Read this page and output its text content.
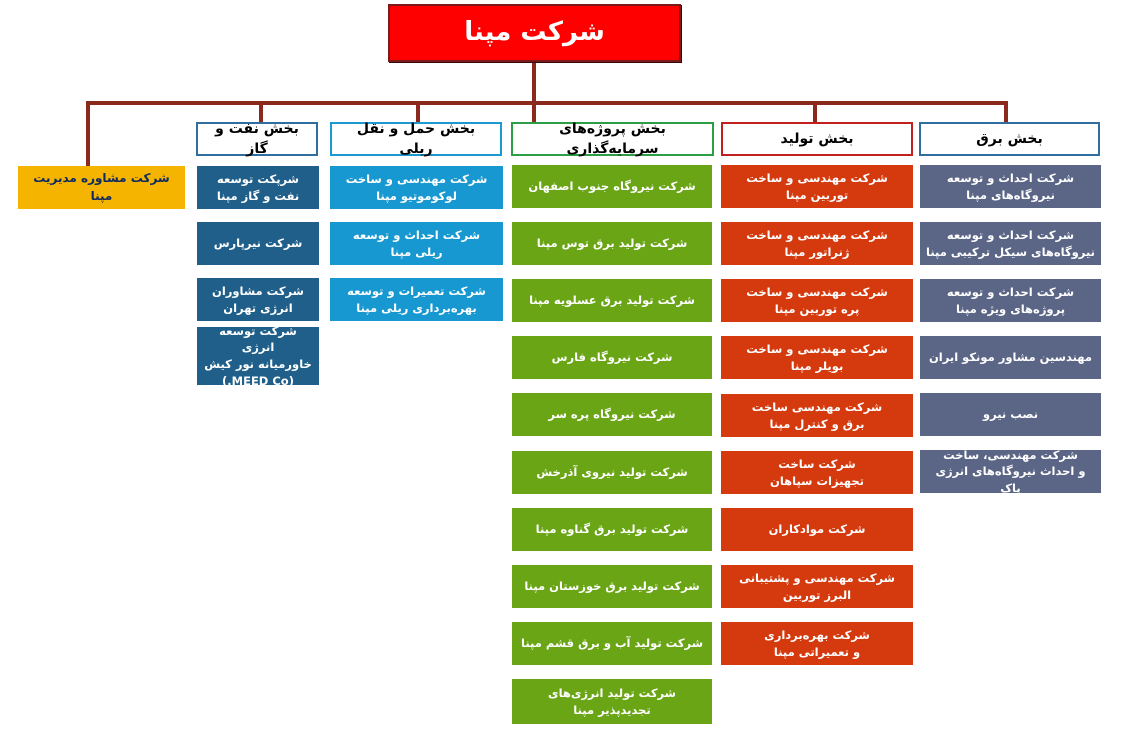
شرکت مپنا
شرکت مشاوره مدیریت مپنا
بخش نفت و گاز
بخش حمل و نقل ریلی
بخش پروژه‌های سرمایه‌گذاری
بخش تولید	بخش برق
شرپکت توسعه
نفت و گاز مپنا
شرکت نیرپارس
شرکت مشاوران
انرژی تهران
شرکت توسعه انرژی
خاورمیانه نور کیش
(MEED Co.)
شرکت مهندسی و ساخت
لوکوموتیو مپنا
شرکت احداث و توسعه
ریلی مپنا
شرکت تعمیرات و توسعه
بهره‌برداری ریلی مپنا
شرکت نیروگاه جنوب اصفهان
شرکت تولید برق توس مپنا
شرکت تولید برق عسلویه مپنا
شرکت نیروگاه فارس
شرکت نیروگاه پره سر
شرکت تولید نیروی آذرخش
شرکت تولید برق گناوه مپنا
شرکت تولید برق خوزستان مپنا
شرکت تولید آب و برق قشم مپنا
شرکت تولید انرژی‌های
تجدیدپذیر مپنا
شرکت مهندسی و ساخت
توربین مپنا
شرکت مهندسی و ساخت
ژنراتور مپنا
شرکت مهندسی و ساخت
پره توربین مپنا
شرکت مهندسی و ساخت
بویلر مپنا
شرکت مهندسی ساخت
برق و کنترل مپنا
شرکت ساخت
تجهیزات سپاهان
شرکت موادکاران
شرکت مهندسی و پشتیبانی
البرز توربین
شرکت بهره‌برداری
و تعمیراتی مپنا
شرکت احداث و توسعه
نیروگاه‌های مپنا
شرکت احداث و توسعه
نیروگاه‌های سیکل ترکیبی مپنا
شرکت احداث و توسعه
پروژه‌های ویژه مپنا
مهندسین مشاور مونکو ایران
نصب نیرو
شرکت مهندسی، ساخت
و احداث نیروگاه‌های انرژی پاک
